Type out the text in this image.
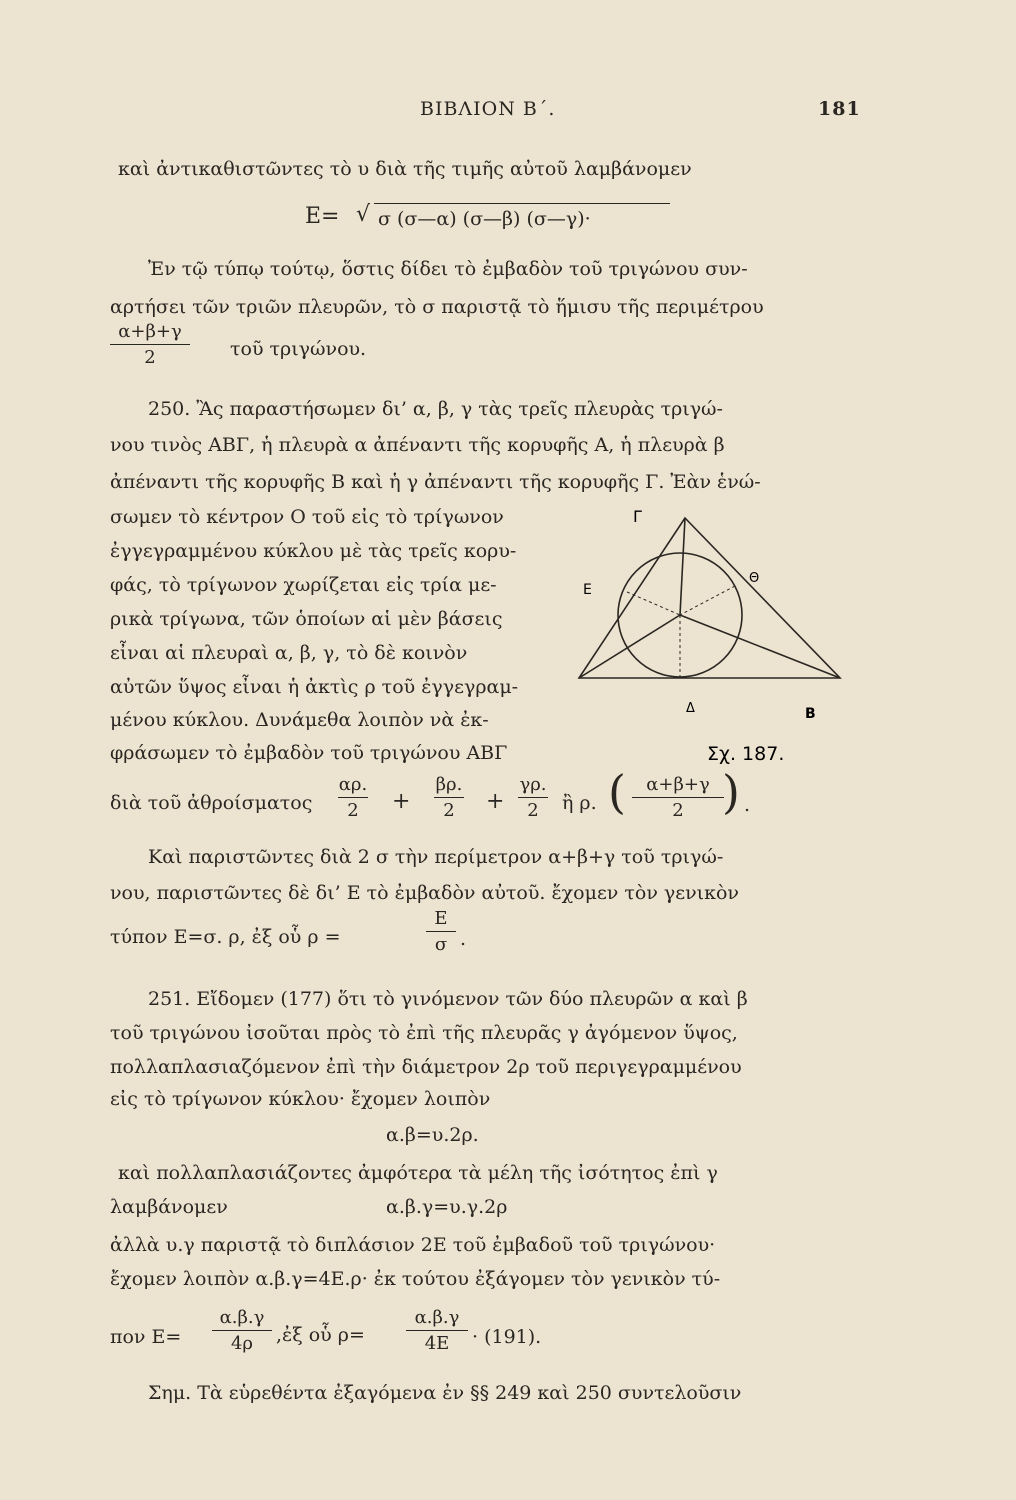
ΒΙΒΛΙΟΝ Β΄.	181
καὶ ἀντικαθιστῶντες τὸ υ διὰ τῆς τιμῆς αὐτοῦ λαμβάνομεν
E= √ σ (σ—α) (σ—β) (σ—γ)·
Ἐν τῷ τύπῳ τούτῳ, ὅστις δίδει τὸ ἐμβαδὸν τοῦ τριγώνου συν-
αρτήσει τῶν τριῶν πλευρῶν, τὸ σ παριστᾷ τὸ ἥμισυ τῆς περιμέτρου
α+β+γ
2	τοῦ τριγώνου.
250. Ἂς παραστήσωμεν δι’ α, β, γ τὰς τρεῖς πλευρὰς τριγώ-
νου τινὸς ΑΒΓ, ἡ πλευρὰ α ἀπέναντι τῆς κορυφῆς Α, ἡ πλευρὰ β
ἀπέναντι τῆς κορυφῆς Β καὶ ἡ γ ἀπέναντι τῆς κορυφῆς Γ. Ἐὰν ἑνώ-
σωμεν τὸ κέντρον Ο τοῦ εἰς τὸ τρίγωνον
ἐγγεγραμμένου κύκλου μὲ τὰς τρεῖς κορυ-
φάς, τὸ τρίγωνον χωρίζεται εἰς τρία με-
ρικὰ τρίγωνα, τῶν ὁποίων αἱ μὲν βάσεις
εἶναι αἱ πλευραὶ α, β, γ, τὸ δὲ κοινὸν
αὐτῶν ὕψος εἶναι ἡ ἀκτὶς ρ τοῦ ἐγγεγραμ-
μένου κύκλου. Δυνάμεθα λοιπὸν νὰ ἐκ-
φράσωμεν τὸ ἐμβαδὸν τοῦ τριγώνου ΑΒΓ
Γ
Ε
Θ
Δ	Β
Σχ. 187.
διὰ τοῦ ἀθροίσματος
αρ.
2	+
βρ.
2	+
γρ.
2	ἢ ρ. (	α+β+γ
2 ) .
Καὶ παριστῶντες διὰ 2 σ τὴν περίμετρον α+β+γ τοῦ τριγώ-
νου, παριστῶντες δὲ δι’ Ε τὸ ἐμβαδὸν αὐτοῦ. ἔχομεν τὸν γενικὸν
τύπον Ε=σ. ρ, ἐξ οὗ ρ =
Ε
σ .
251. Εἴδομεν (177) ὅτι τὸ γινόμενον τῶν δύο πλευρῶν α καὶ β
τοῦ τριγώνου ἰσοῦται πρὸς τὸ ἐπὶ τῆς πλευρᾶς γ ἀγόμενον ὕψος,
πολλαπλασιαζόμενον ἐπὶ τὴν διάμετρον 2ρ τοῦ περιγεγραμμένου
εἰς τὸ τρίγωνον κύκλου· ἔχομεν λοιπὸν
α.β=υ.2ρ.
καὶ πολλαπλασιάζοντες ἀμφότερα τὰ μέλη τῆς ἰσότητος ἐπὶ γ
λαμβάνομεν	α.β.γ=υ.γ.2ρ
ἀλλὰ υ.γ παριστᾷ τὸ διπλάσιον 2Ε τοῦ ἐμβαδοῦ τοῦ τριγώνου·
ἔχομεν λοιπὸν α.β.γ=4Ε.ρ· ἐκ τούτου ἐξάγομεν τὸν γενικὸν τύ-
πον Ε=
α.β.γ
4ρ	,ἐξ οὗ ρ=
α.β.γ
4Ε	· (191).
Σημ. Τὰ εὑρεθέντα ἐξαγόμενα ἐν §§ 249 καὶ 250 συντελοῦσιν
